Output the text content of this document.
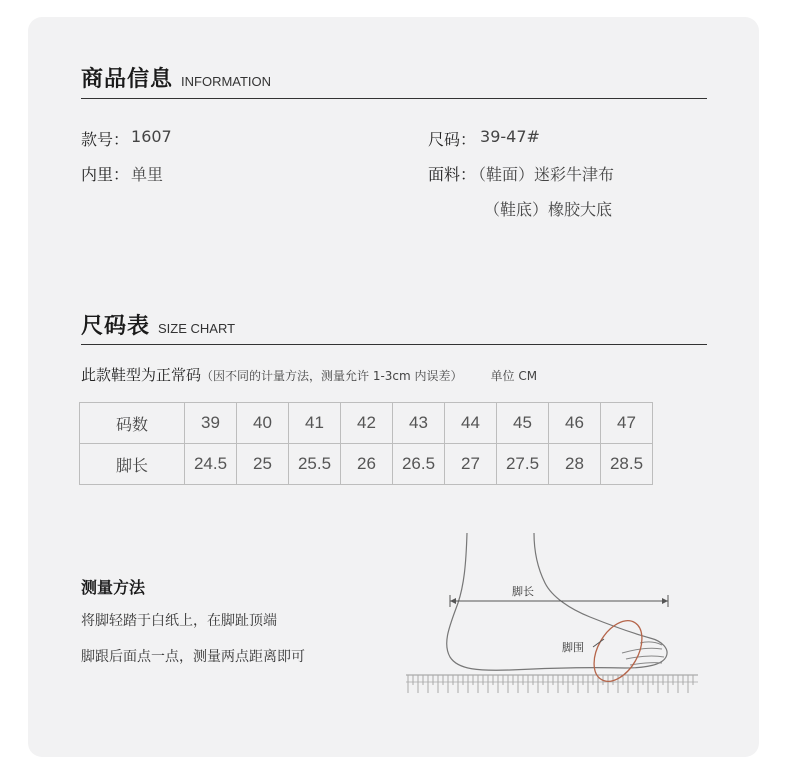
商品信息 INFORMATION
款号： 1607
内里： 单里
尺码： 39-47#
面料：
（鞋面）迷彩牛津布
（鞋底）橡胶大底
尺码表 SIZE CHART
此款鞋型为正常码（因不同的计量方法，测量允许 1-3cm 内误差） 单位 CM
码数	39	40	41	42	43	44	45	46	47
脚长	24.5	25	25.5	26	26.5	27	27.5	28	28.5
测量方法
将脚轻踏于白纸上，在脚趾顶端
脚跟后面点一点，测量两点距离即可
脚长
脚围
